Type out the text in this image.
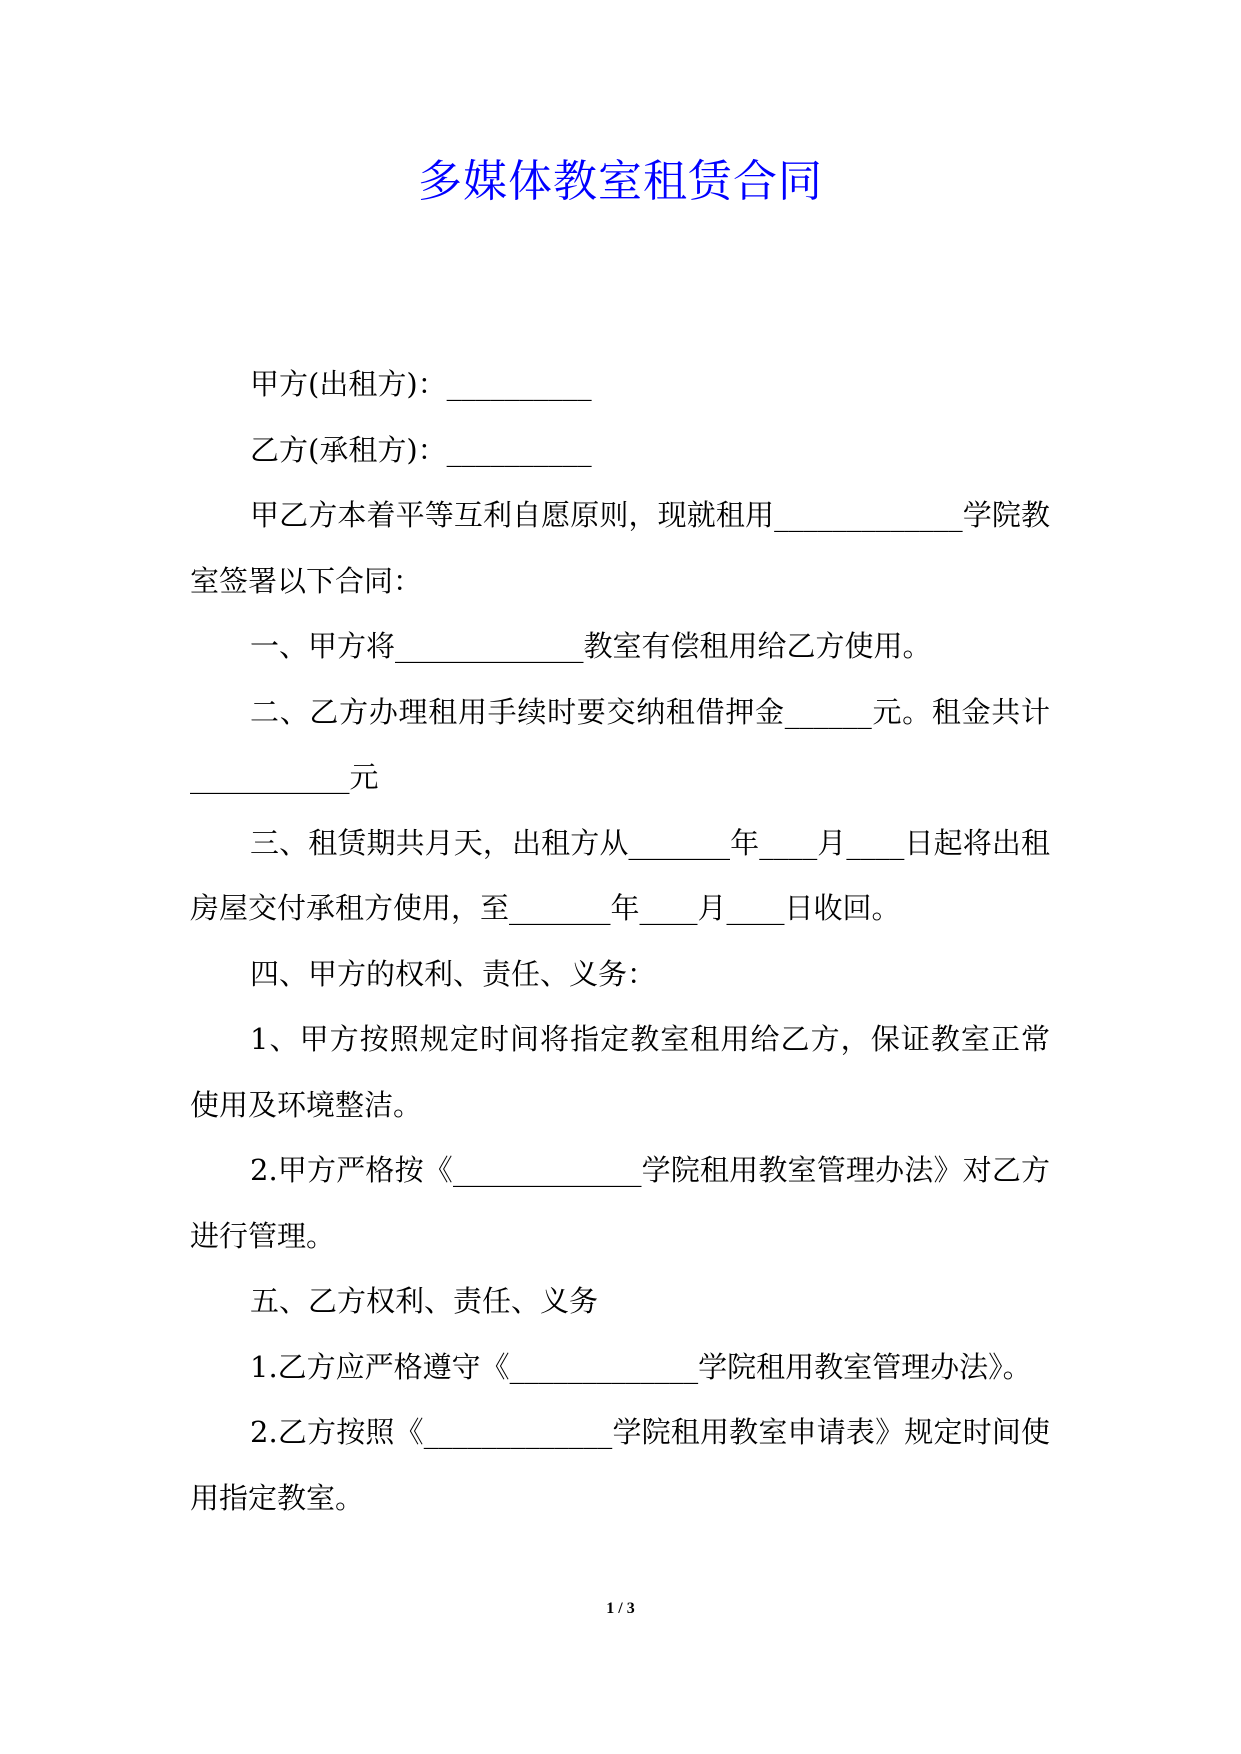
多媒体教室租赁合同

甲方(出租方)：__________

乙方(承租方)：__________

甲乙方本着平等互利自愿原则，现就租用_____________学院教室签署以下合同：

一、甲方将_____________教室有偿租用给乙方使用。

二、乙方办理租用手续时要交纳租借押金______元。租金共计___________元

三、租赁期共月天，出租方从_______年____月____日起将出租房屋交付承租方使用，至_______年____月____日收回。

四、甲方的权利、责任、义务：

1、甲方按照规定时间将指定教室租用给乙方，保证教室正常使用及环境整洁。

2.甲方严格按《_____________学院租用教室管理办法》对乙方进行管理。

五、乙方权利、责任、义务

1.乙方应严格遵守《_____________学院租用教室管理办法》。

2.乙方按照《_____________学院租用教室申请表》规定时间使用指定教室。

1 / 3
